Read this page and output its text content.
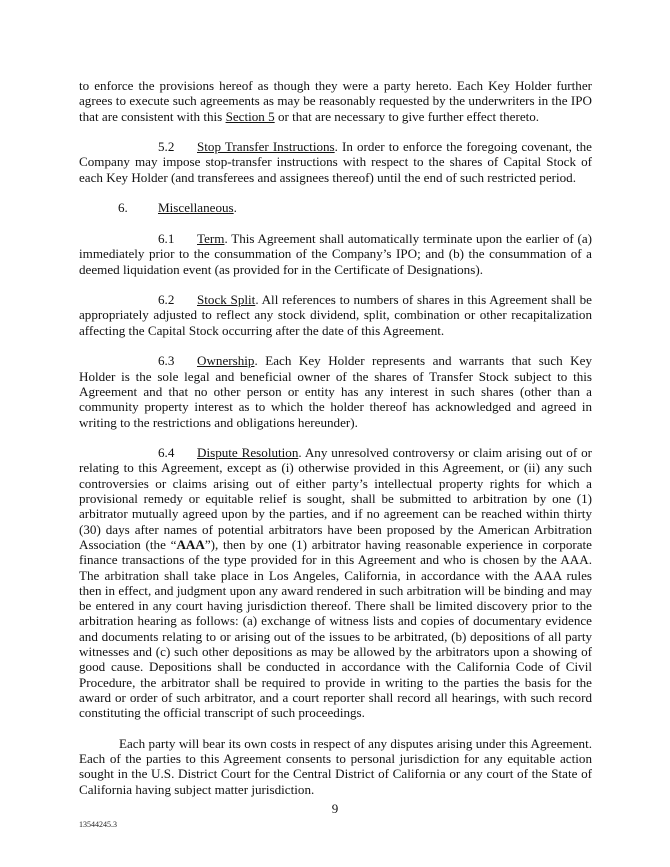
to enforce the provisions hereof as though they were a party hereto. Each Key Holder further agrees to execute such agreements as may be reasonably requested by the underwriters in the IPO that are consistent with this Section 5 or that are necessary to give further effect thereto.

5.2 Stop Transfer Instructions. In order to enforce the foregoing covenant, the Company may impose stop-transfer instructions with respect to the shares of Capital Stock of each Key Holder (and transferees and assignees thereof) until the end of such restricted period.

6. Miscellaneous.

6.1 Term. This Agreement shall automatically terminate upon the earlier of (a) immediately prior to the consummation of the Company’s IPO; and (b) the consummation of a deemed liquidation event (as provided for in the Certificate of Designations).

6.2 Stock Split. All references to numbers of shares in this Agreement shall be appropriately adjusted to reflect any stock dividend, split, combination or other recapitalization affecting the Capital Stock occurring after the date of this Agreement.

6.3 Ownership. Each Key Holder represents and warrants that such Key Holder is the sole legal and beneficial owner of the shares of Transfer Stock subject to this Agreement and that no other person or entity has any interest in such shares (other than a community property interest as to which the holder thereof has acknowledged and agreed in writing to the restrictions and obligations hereunder).

6.4 Dispute Resolution. Any unresolved controversy or claim arising out of or relating to this Agreement, except as (i) otherwise provided in this Agreement, or (ii) any such controversies or claims arising out of either party’s intellectual property rights for which a provisional remedy or equitable relief is sought, shall be submitted to arbitration by one (1) arbitrator mutually agreed upon by the parties, and if no agreement can be reached within thirty (30) days after names of potential arbitrators have been proposed by the American Arbitration Association (the “AAA”), then by one (1) arbitrator having reasonable experience in corporate finance transactions of the type provided for in this Agreement and who is chosen by the AAA. The arbitration shall take place in Los Angeles, California, in accordance with the AAA rules then in effect, and judgment upon any award rendered in such arbitration will be binding and may be entered in any court having jurisdiction thereof. There shall be limited discovery prior to the arbitration hearing as follows: (a) exchange of witness lists and copies of documentary evidence and documents relating to or arising out of the issues to be arbitrated, (b) depositions of all party witnesses and (c) such other depositions as may be allowed by the arbitrators upon a showing of good cause. Depositions shall be conducted in accordance with the California Code of Civil Procedure, the arbitrator shall be required to provide in writing to the parties the basis for the award or order of such arbitrator, and a court reporter shall record all hearings, with such record constituting the official transcript of such proceedings.

Each party will bear its own costs in respect of any disputes arising under this Agreement. Each of the parties to this Agreement consents to personal jurisdiction for any equitable action sought in the U.S. District Court for the Central District of California or any court of the State of California having subject matter jurisdiction.

9
13544245.3
